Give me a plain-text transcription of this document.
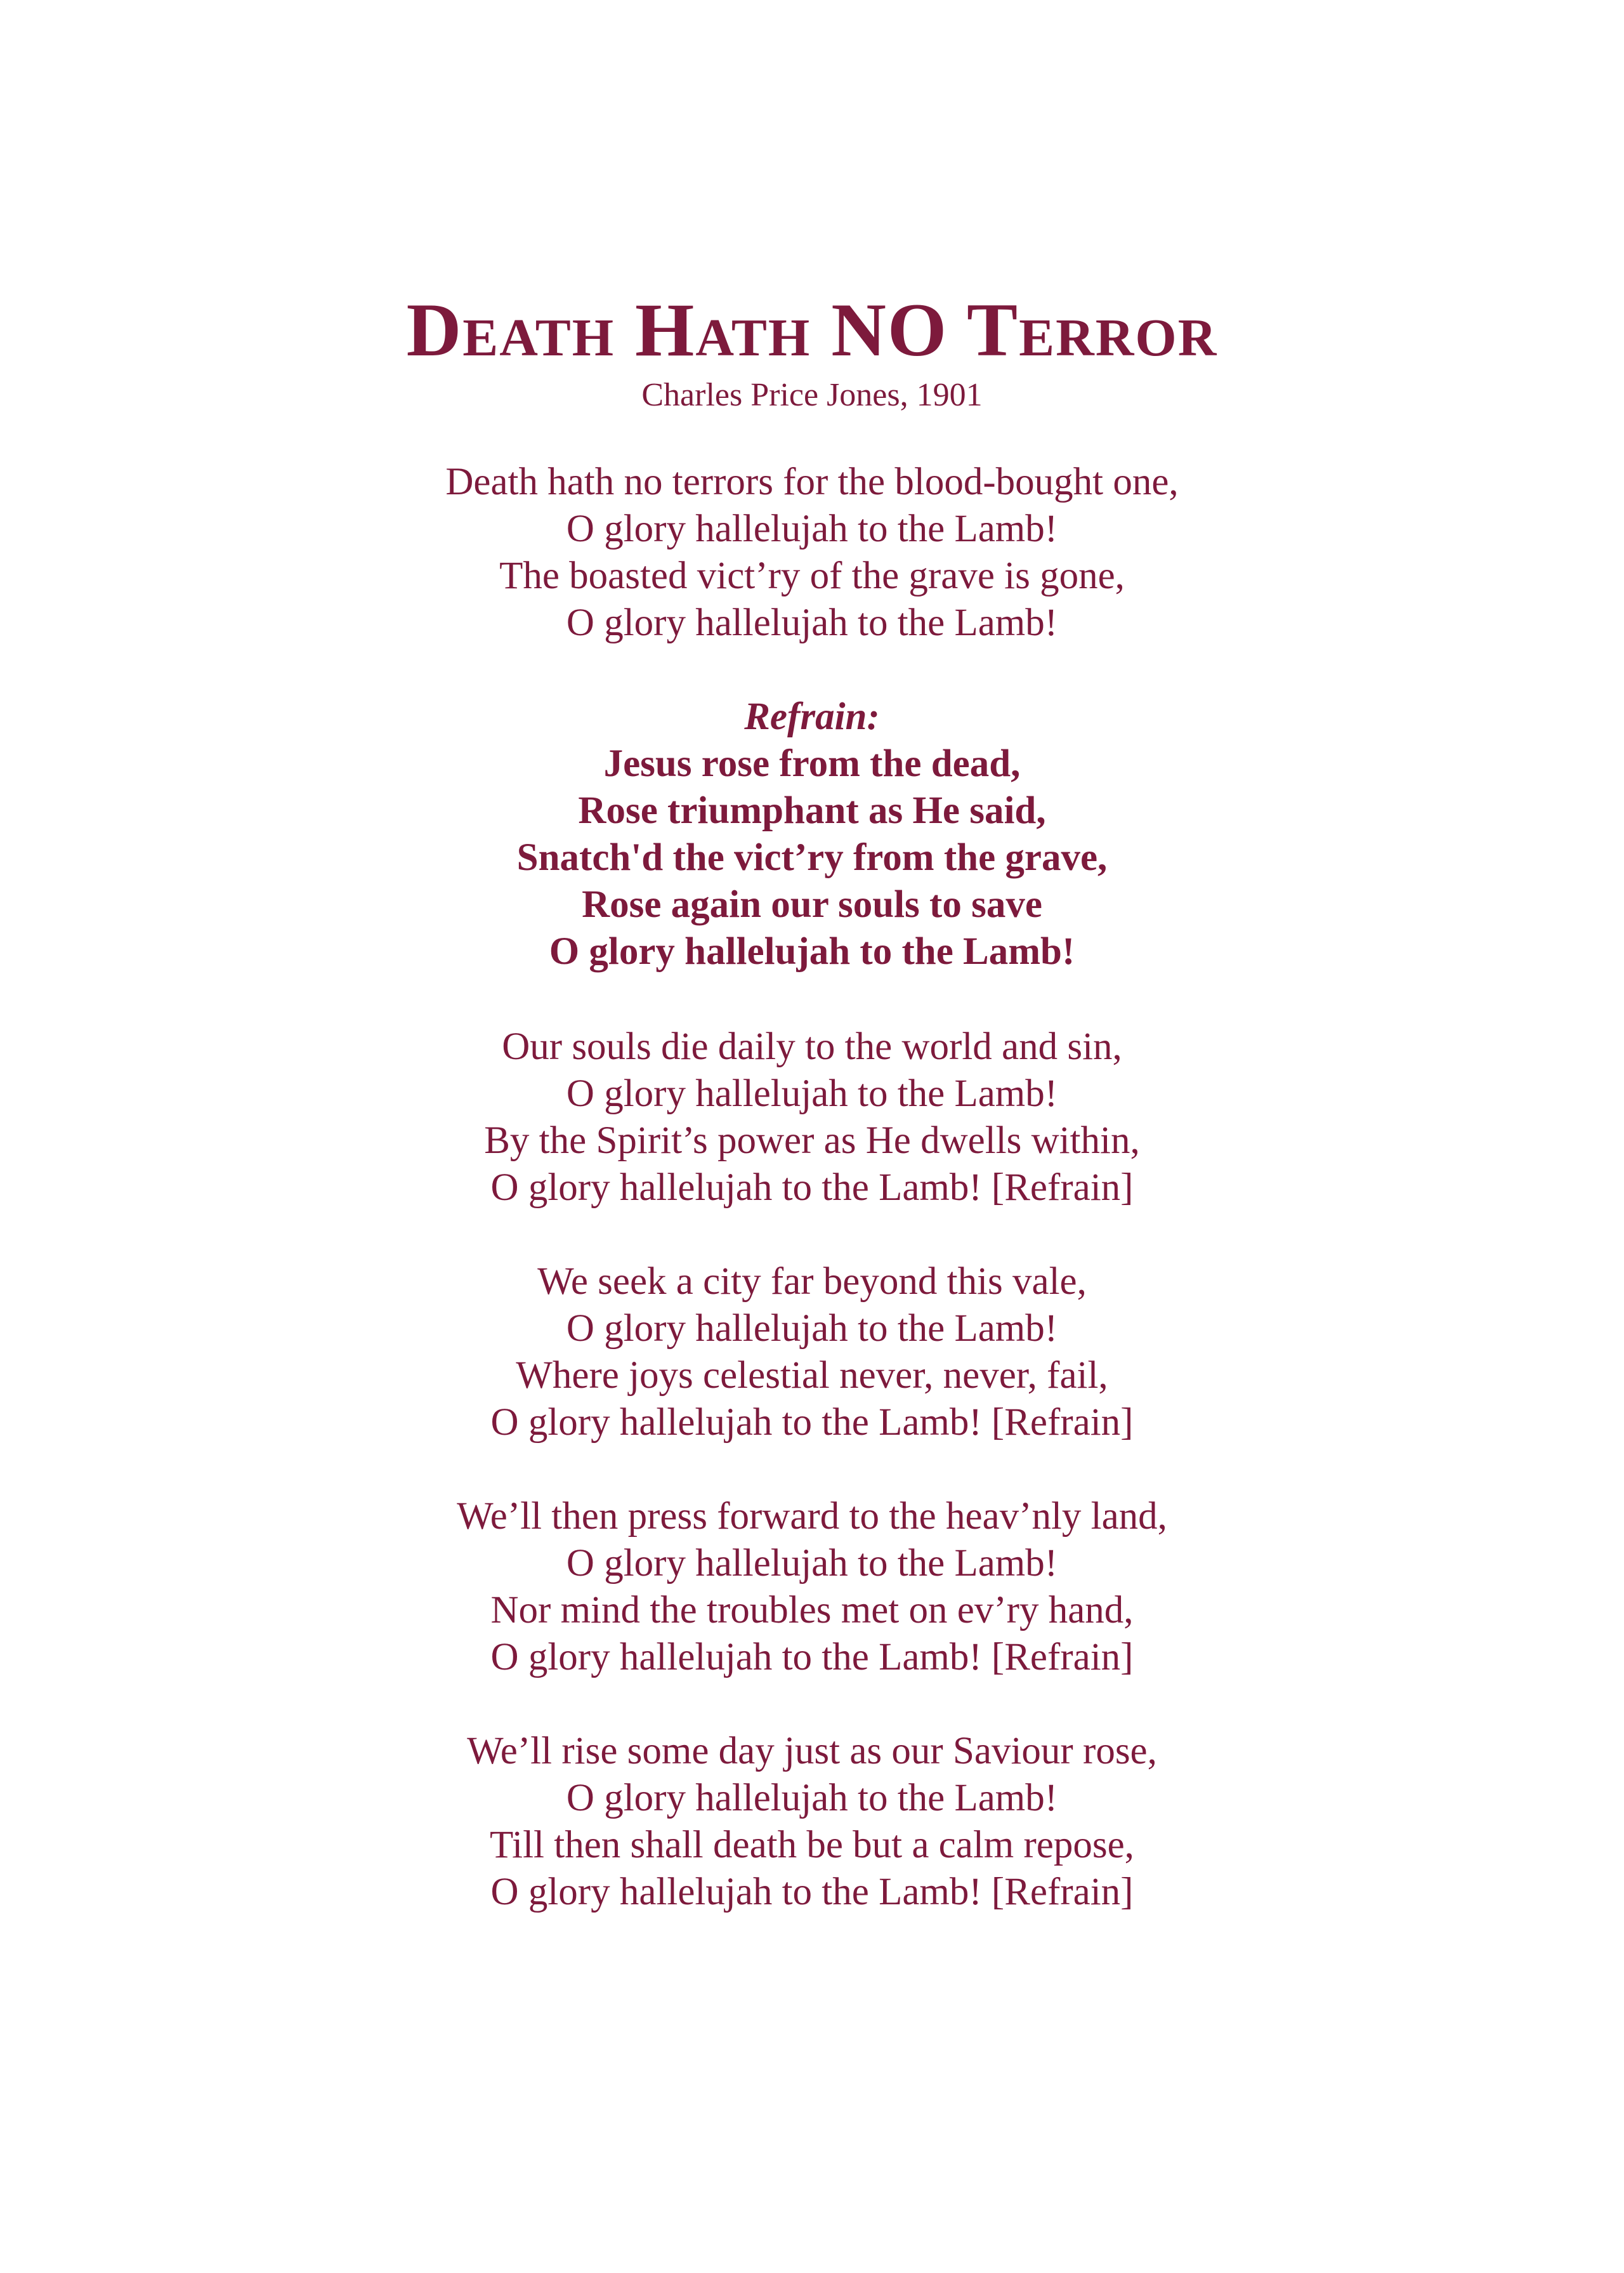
Death Hath NO Terror

Charles Price Jones, 1901

Death hath no terrors for the blood-bought one,
O glory hallelujah to the Lamb!
The boasted vict’ry of the grave is gone,
O glory hallelujah to the Lamb!
Refrain:
Jesus rose from the dead,
Rose triumphant as He said,
Snatch'd the vict’ry from the grave,
Rose again our souls to save
O glory hallelujah to the Lamb!
Our souls die daily to the world and sin,
O glory hallelujah to the Lamb!
By the Spirit’s power as He dwells within,
O glory hallelujah to the Lamb! [Refrain]
We seek a city far beyond this vale,
O glory hallelujah to the Lamb!
Where joys celestial never, never, fail,
O glory hallelujah to the Lamb! [Refrain]
We’ll then press forward to the heav’nly land,
O glory hallelujah to the Lamb!
Nor mind the troubles met on ev’ry hand,
O glory hallelujah to the Lamb! [Refrain]
We’ll rise some day just as our Saviour rose,
O glory hallelujah to the Lamb!
Till then shall death be but a calm repose,
O glory hallelujah to the Lamb! [Refrain]
